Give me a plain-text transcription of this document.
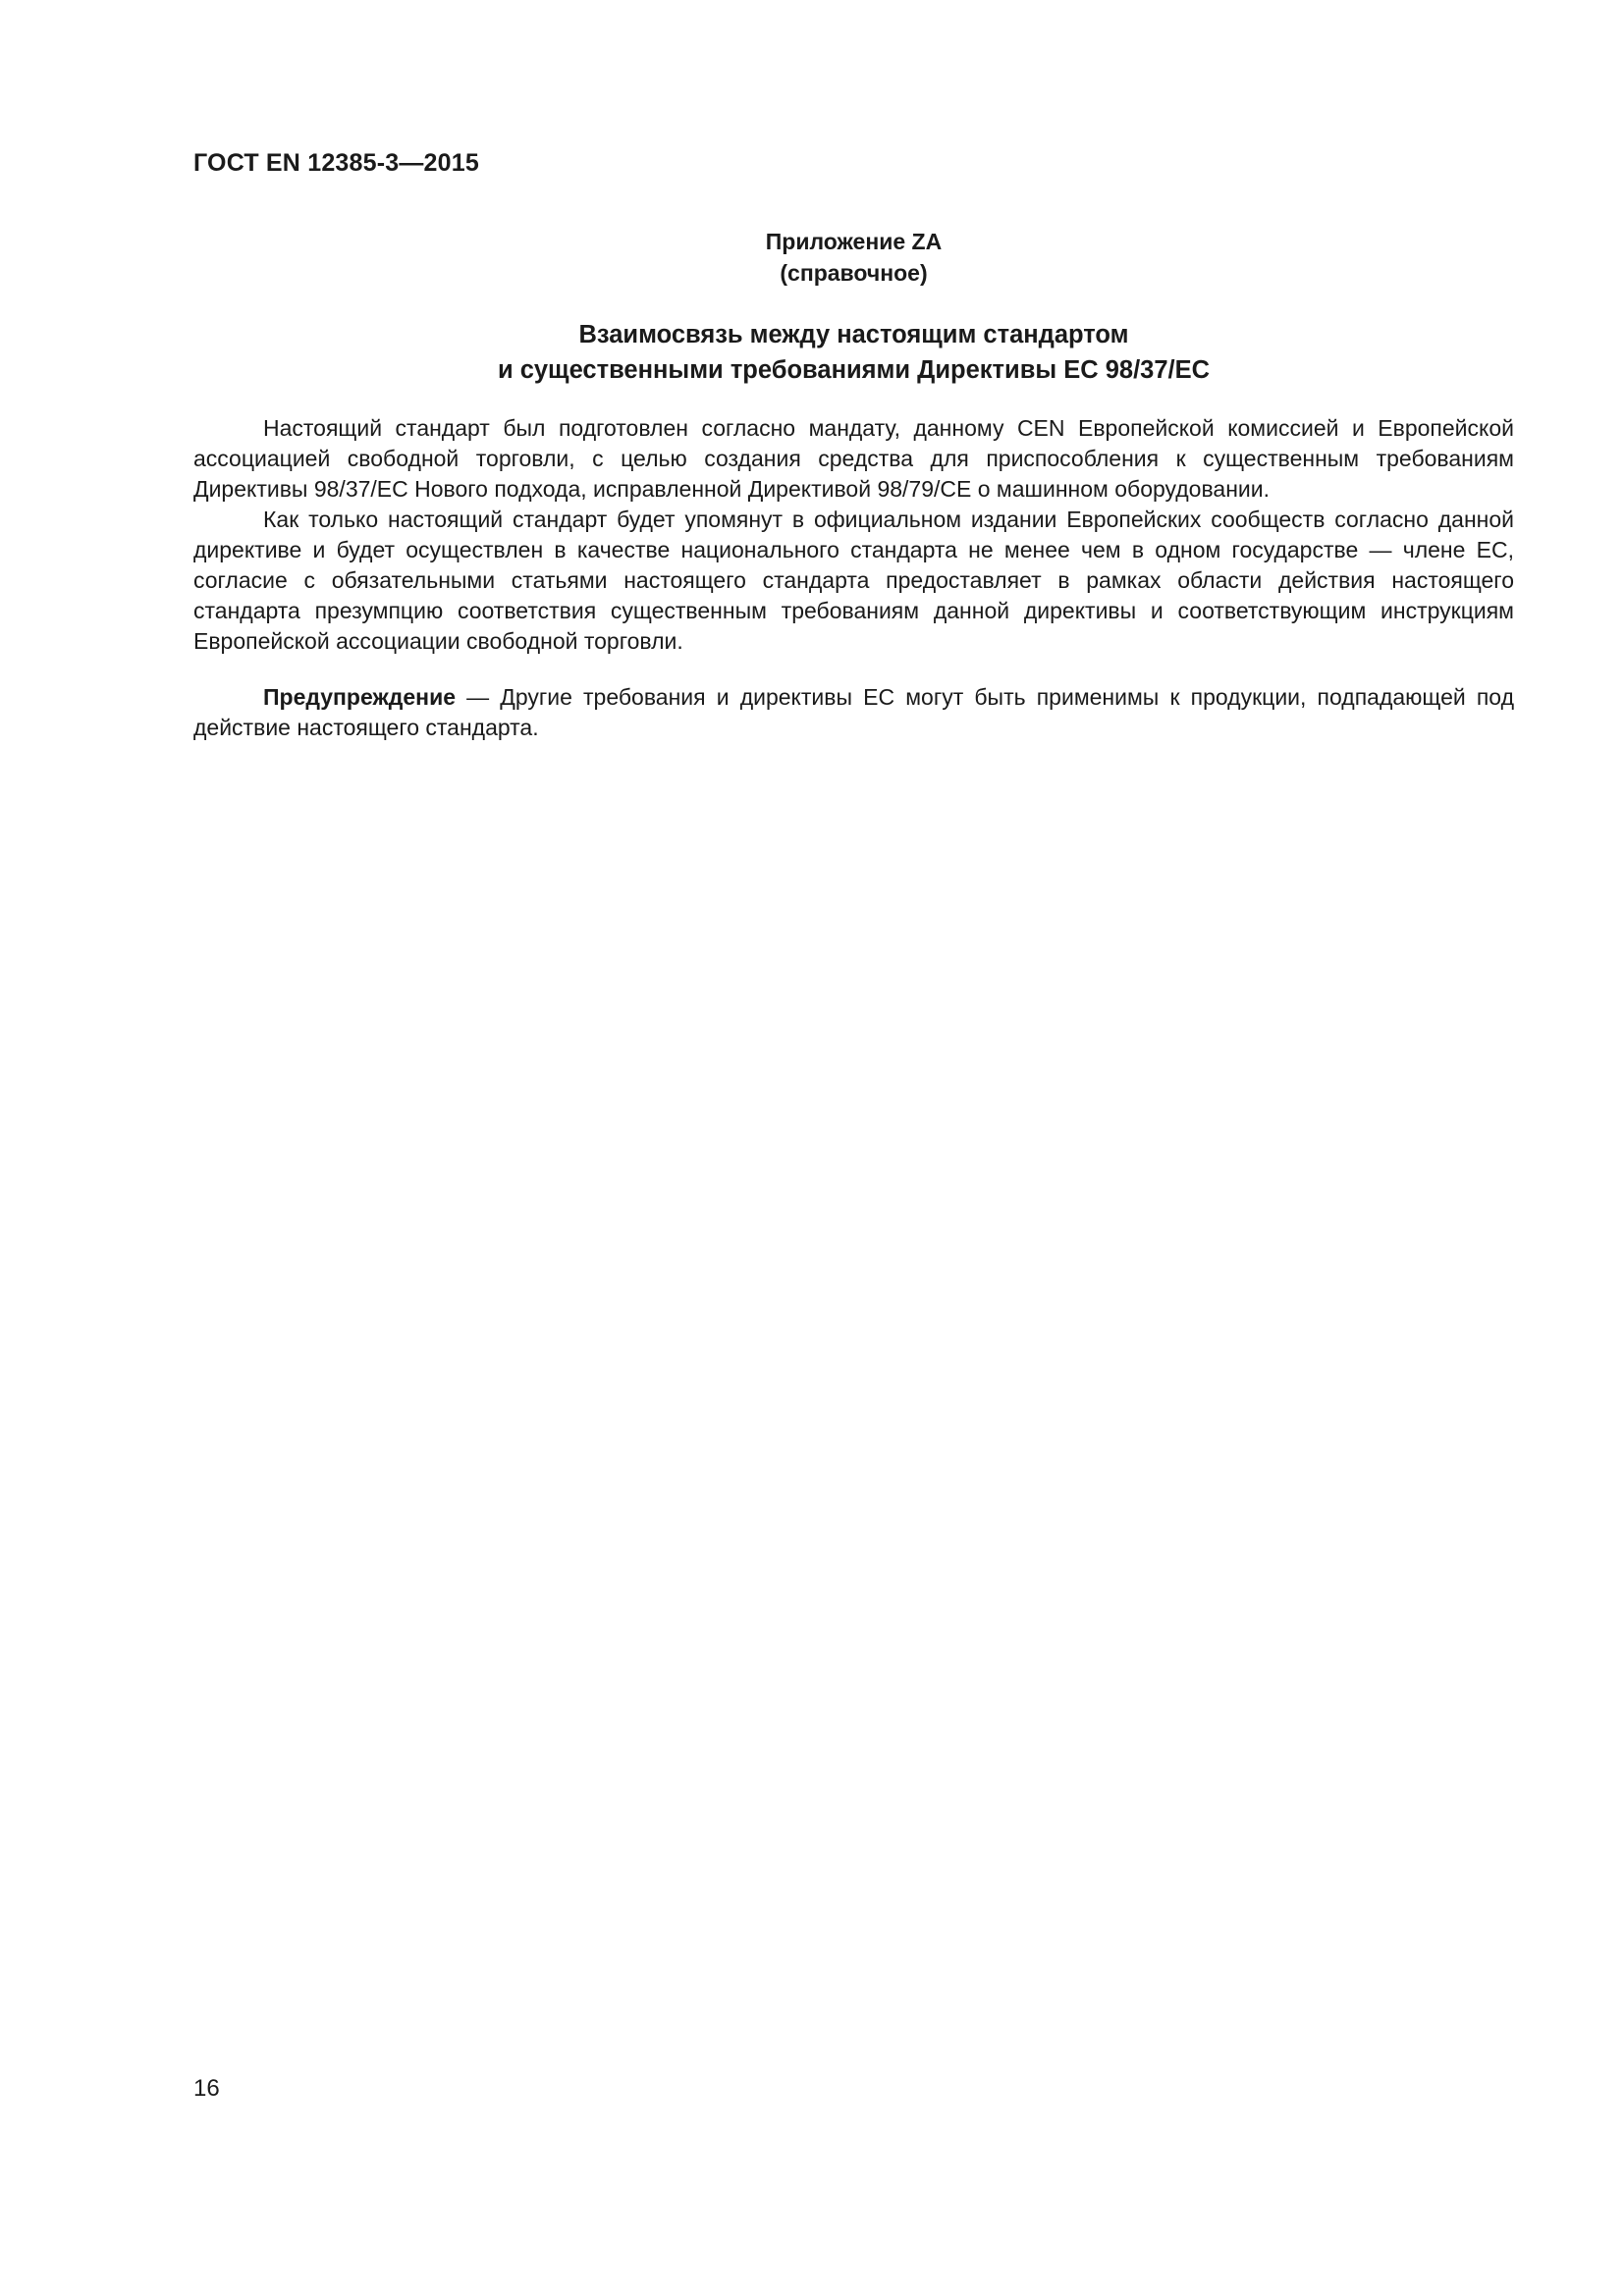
ГОСТ EN 12385-3—2015
Приложение ZA
(справочное)
Взаимосвязь между настоящим стандартом
и существенными требованиями Директивы ЕС 98/37/ЕС

Настоящий стандарт был подготовлен согласно мандату, данному CEN Европейской комиссией и Европейской ассоциацией свободной торговли, с целью создания средства для приспособления к существенным требованиям Директивы 98/37/ЕС Нового подхода, исправленной Директивой 98/79/CE о машинном оборудовании.

Как только настоящий стандарт будет упомянут в официальном издании Европейских сообществ согласно данной директиве и будет осуществлен в качестве национального стандарта не менее чем в одном государстве — члене ЕС, согласие с обязательными статьями настоящего стандарта предоставляет в рамках области действия настоящего стандарта презумпцию соответствия существенным требованиям данной директивы и соответствующим инструкциям Европейской ассоциации свободной торговли.

Предупреждение — Другие требования и директивы ЕС могут быть применимы к продукции, подпадающей под действие настоящего стандарта.

16
